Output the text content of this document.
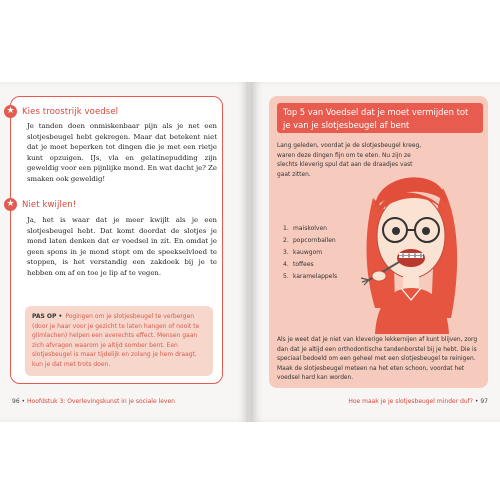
★ Kies troostrijk voedsel
Je tanden doen onmiskenbaar pijn als je net een slotjesbeugel hebt gekregen. Maar dat betekent niet dat je moet beperken tot dingen die je met een rietje kunt opzuigen. IJs, vla en gelatinepudding zijn geweldig voor een pijnlijke mond. En wat dacht je? Ze smaken ook geweldig!
★ Niet kwijlen!
Ja, het is waar dat je meer kwijlt als je een slotjesbeugel hebt. Dat komt doordat de slotjes je mond laten denken dat er voedsel in zit. En omdat je geen spons in je mond stopt om de speekselvloed te stoppen, is het verstandig een zakdoek bij je te hebben om af en toe je lip af te vegen.
PAS OP • Pogingen om je slotjesbeugel te verbergen (door je haar voor je gezicht te laten hangen of nooit te glimlachen) helpen een averechts effect. Mensen gaan zich afvragen waarom je altijd somber bent. Een slotjesbeugel is maar tijdelijk en zolang je hem draagt, kun je dat met trots doen.
96 • Hoofdstuk 3: Overlevingskunst in je sociale leven
Top 5 van Voedsel dat je moet vermijden tot je van je slotjesbeugel af bent
Lang geleden, voordat je de slotjesbeugel kreeg, waren deze dingen fijn om te eten. Nu zijn ze slechts kleverig spul dat aan de draadjes vast gaat zitten.
1. maiskolven
2. popcornballen
3. kauwgom
4. toffees
5. karamelappels
Als je weet dat je niet van kleverige lekkernijen af kunt blijven, zorg dan dat je altijd een orthodontische tandenborstel bij je hebt. Die is speciaal bedoeld om een geheel met een slotjesbeugel te reinigen. Maak de slotjesbeugel meteen na het eten schoon, voordat het voedsel hard kan worden.
Hoe maak je je slotjesbeugel minder duf? • 97
